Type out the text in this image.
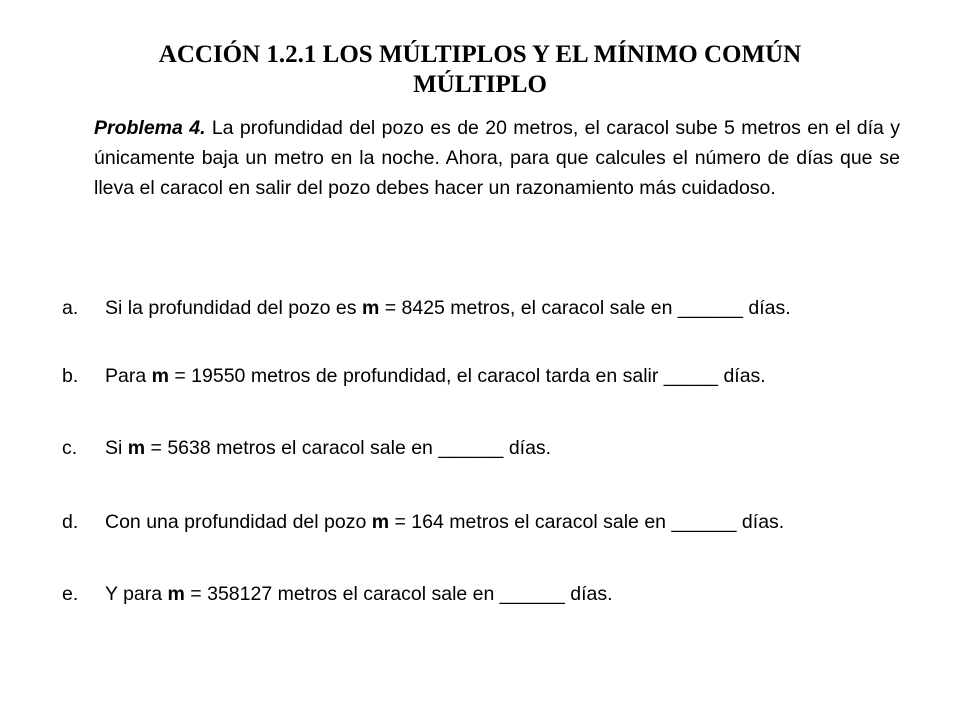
ACCIÓN 1.2.1 LOS MÚLTIPLOS Y EL MÍNIMO COMÚN
MÚLTIPLO
Problema 4. La profundidad del pozo es de 20 metros, el caracol sube 5 metros en el día y únicamente baja un metro en la noche. Ahora, para que calcules el número de días que se lleva el caracol en salir del pozo debes hacer un razonamiento más cuidadoso.
a. Si la profundidad del pozo es m = 8425 metros, el caracol sale en ______ días.
b. Para m = 19550 metros de profundidad, el caracol tarda en salir _____ días.
c. Si m = 5638 metros el caracol sale en ______ días.
d. Con una profundidad del pozo m = 164 metros el caracol sale en ______ días.
e. Y para m = 358127 metros el caracol sale en ______ días.
